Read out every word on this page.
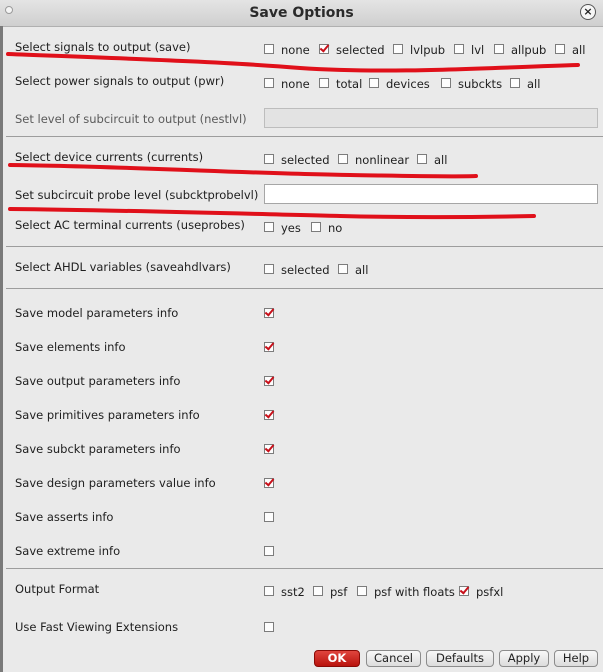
Save Options	×
Select signals to output (save)	none selected lvlpub lvl allpub all
Select power signals to output (pwr)	none total devices subckts all
Set level of subcircuit to output (nestlvl)
Select device currents (currents)	selected nonlinear all
Set subcircuit probe level (subcktprobelvl)
Select AC terminal currents (useprobes)	yes no
Select AHDL variables (saveahdlvars)	selected all
Save model parameters info
Save elements info
Save output parameters info
Save primitives parameters info
Save subckt parameters info
Save design parameters value info
Save asserts info
Save extreme info
Output Format	sst2 psf psf with floats psfxl
Use Fast Viewing Extensions
OK	Cancel	Defaults	Apply	Help
